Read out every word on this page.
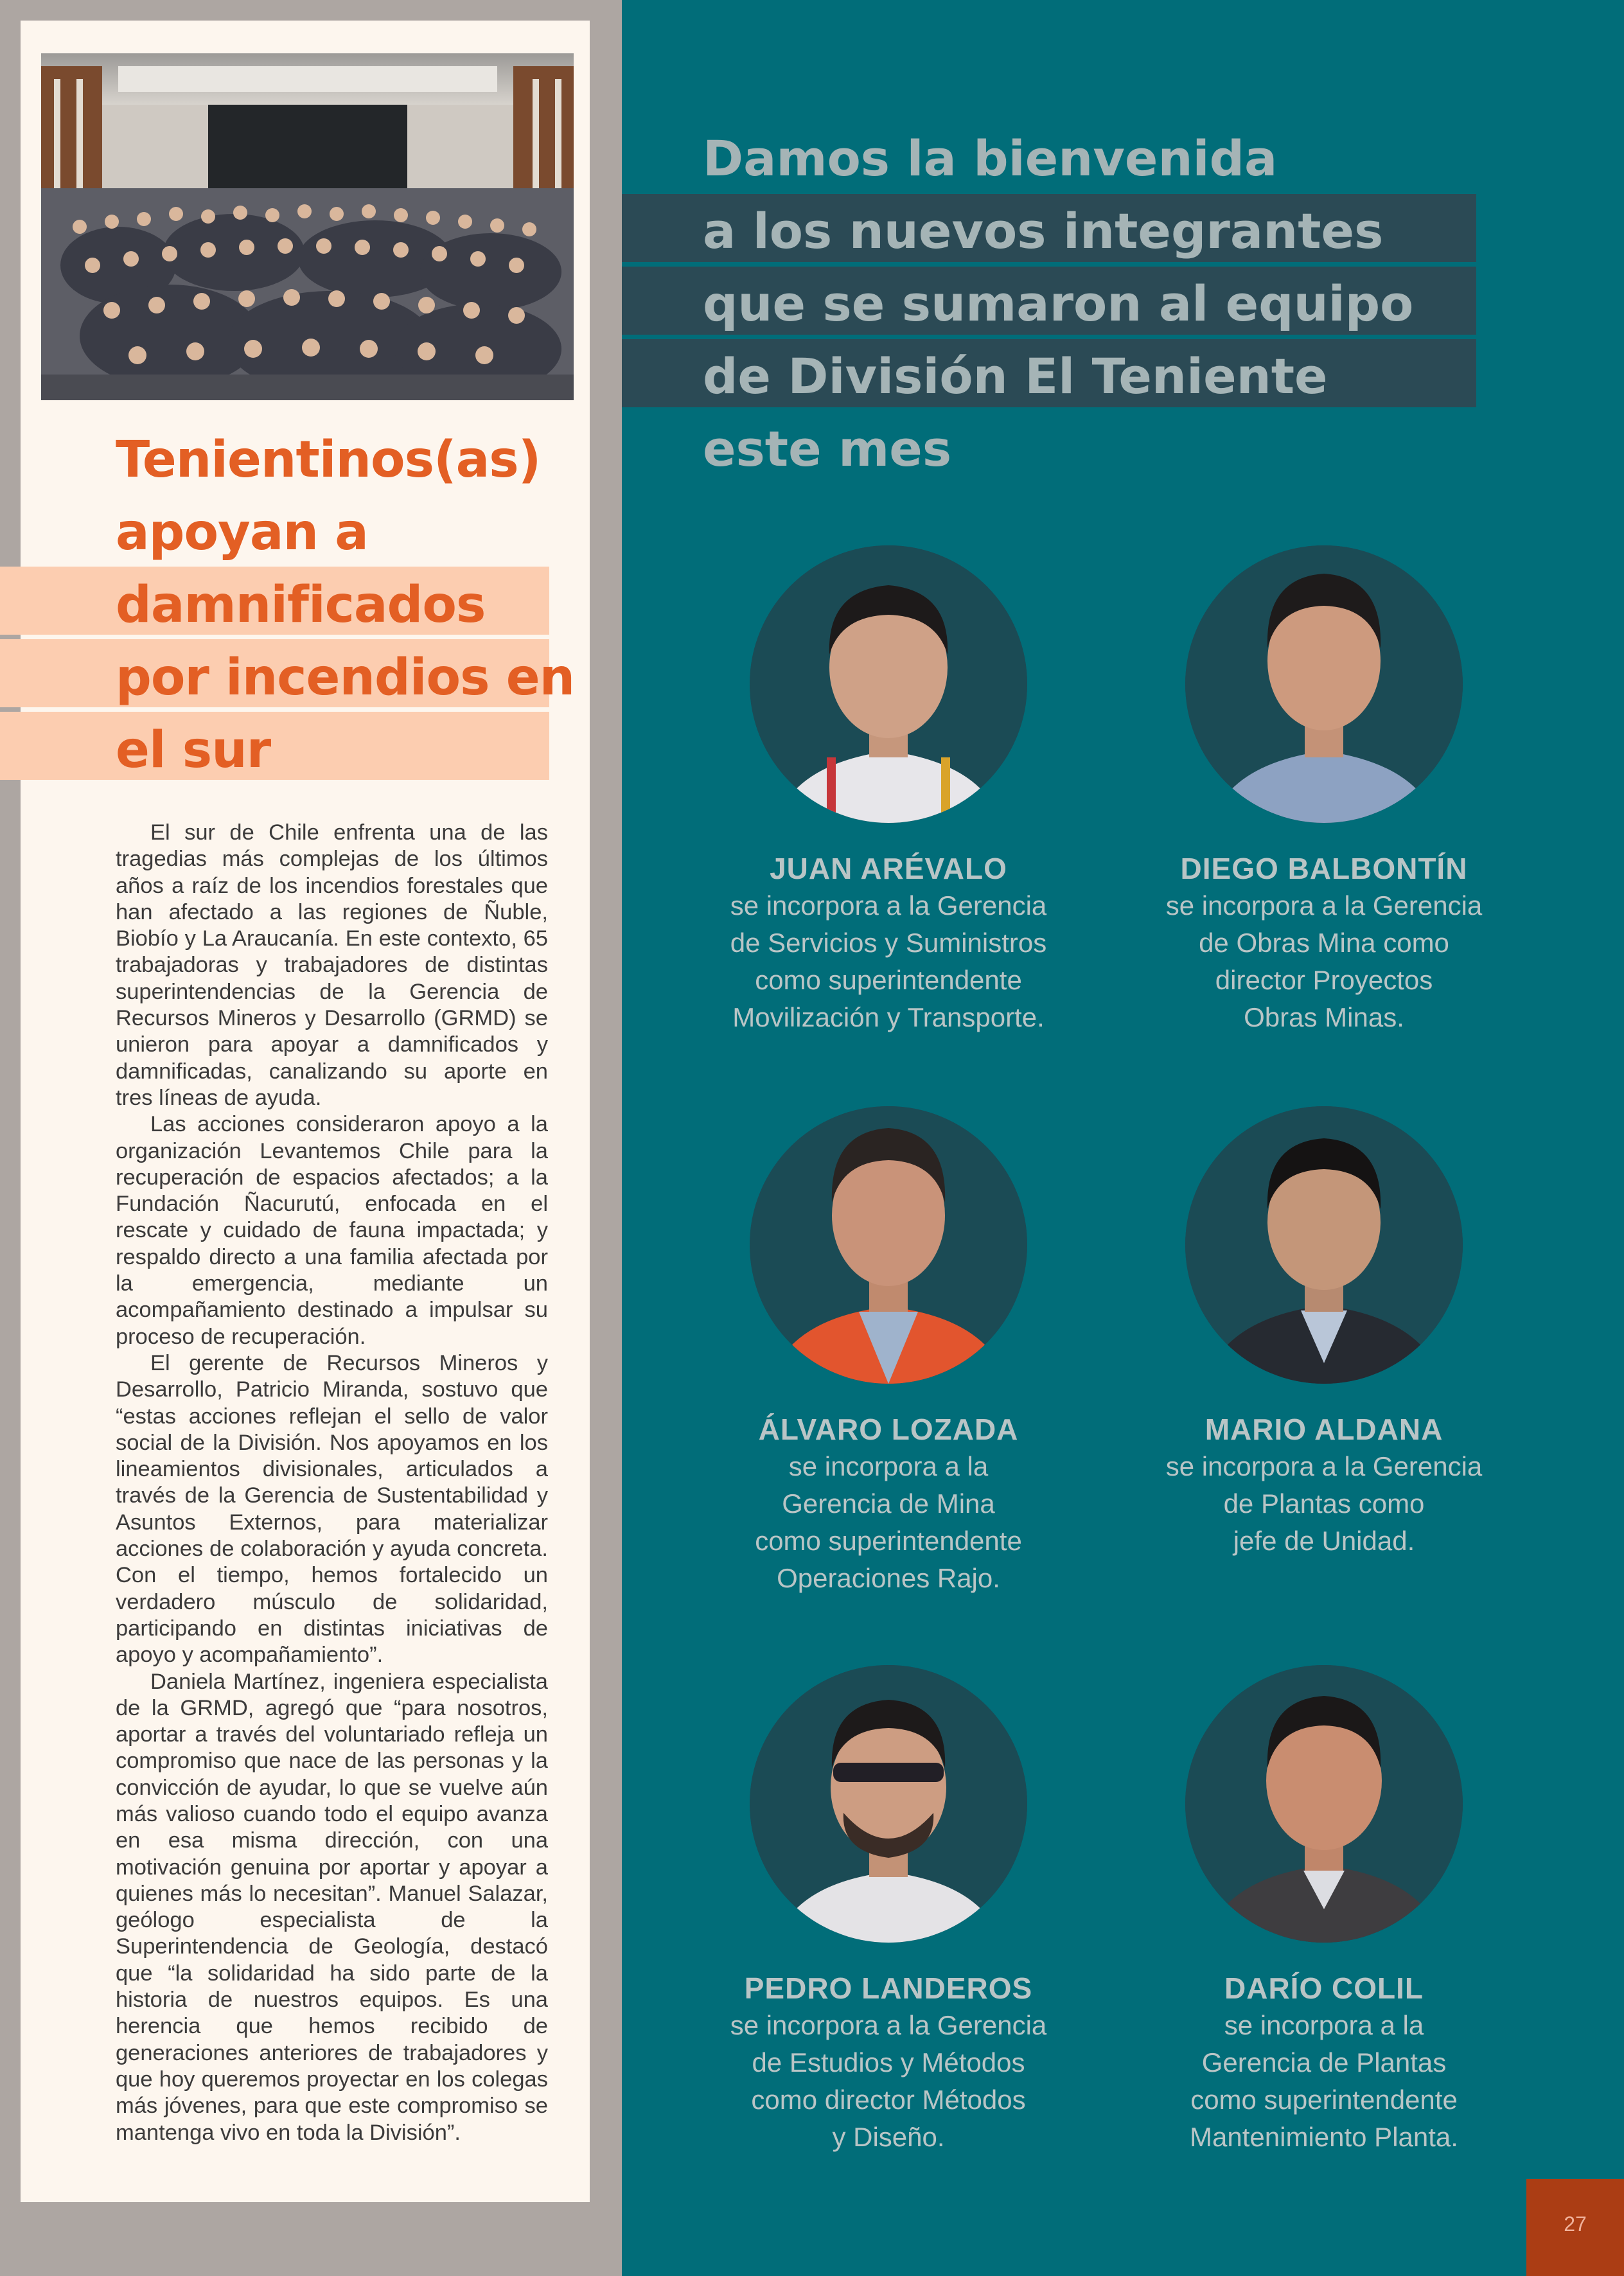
Tenientinos(as)
apoyan a
damnificados
por incendios en
el sur

El sur de Chile enfrenta una de las tragedias más complejas de los últimos años a raíz de los incendios forestales que han afectado a las regiones de Ñuble, Biobío y La Araucanía. En este contexto, 65 trabajadoras y trabajadores de distintas superintendencias de la Gerencia de Recursos Mineros y Desarrollo (GRMD) se unieron para apoyar a damnificados y damnificadas, canalizando su aporte en tres líneas de ayuda.

Las acciones consideraron apoyo a la organización Levantemos Chile para la recuperación de espacios afectados; a la Fundación Ñacurutú, enfocada en el rescate y cuidado de fauna impactada; y respaldo directo a una familia afectada por la emergencia, mediante un acompañamiento destinado a impulsar su proceso de recuperación.

El gerente de Recursos Mineros y Desarrollo, Patricio Miranda, sostuvo que “estas acciones reflejan el sello de valor social de la División. Nos apoyamos en los lineamientos divisionales, articulados a través de la Gerencia de Sustentabilidad y Asuntos Externos, para materializar acciones de colaboración y ayuda concreta. Con el tiempo, hemos fortalecido un verdadero músculo de solidaridad, participando en distintas iniciativas de apoyo y acompañamiento”.

Daniela Martínez, ingeniera especialista de la GRMD, agregó que “para nosotros, aportar a través del voluntariado refleja un compromiso que nace de las personas y la convicción de ayudar, lo que se vuelve aún más valioso cuando todo el equipo avanza en esa misma dirección, con una motivación genuina por aportar y apoyar a quienes más lo necesitan”. Manuel Salazar, geólogo especialista de la Superintendencia de Geología, destacó que “la solidaridad ha sido parte de la historia de nuestros equipos. Es una herencia que hemos recibido de generaciones anteriores de trabajadores y que hoy queremos proyectar en los colegas más jóvenes, para que este compromiso se mantenga vivo en toda la División”.

Damos la bienvenida
a los nuevos integrantes
que se sumaron al equipo
de División El Teniente
este mes
JUAN ARÉVALO
se incorpora a la Gerencia
de Servicios y Suministros
como superintendente
Movilización y Transporte.
DIEGO BALBONTÍN
se incorpora a la Gerencia
de Obras Mina como
director Proyectos
Obras Minas.
ÁLVARO LOZADA
se incorpora a la
Gerencia de Mina
como superintendente
Operaciones Rajo.
MARIO ALDANA
se incorpora a la Gerencia
de Plantas como
jefe de Unidad.
PEDRO LANDEROS
se incorpora a la Gerencia
de Estudios y Métodos
como director Métodos
y Diseño.
DARÍO COLIL
se incorpora a la
Gerencia de Plantas
como superintendente
Mantenimiento Planta.
27
